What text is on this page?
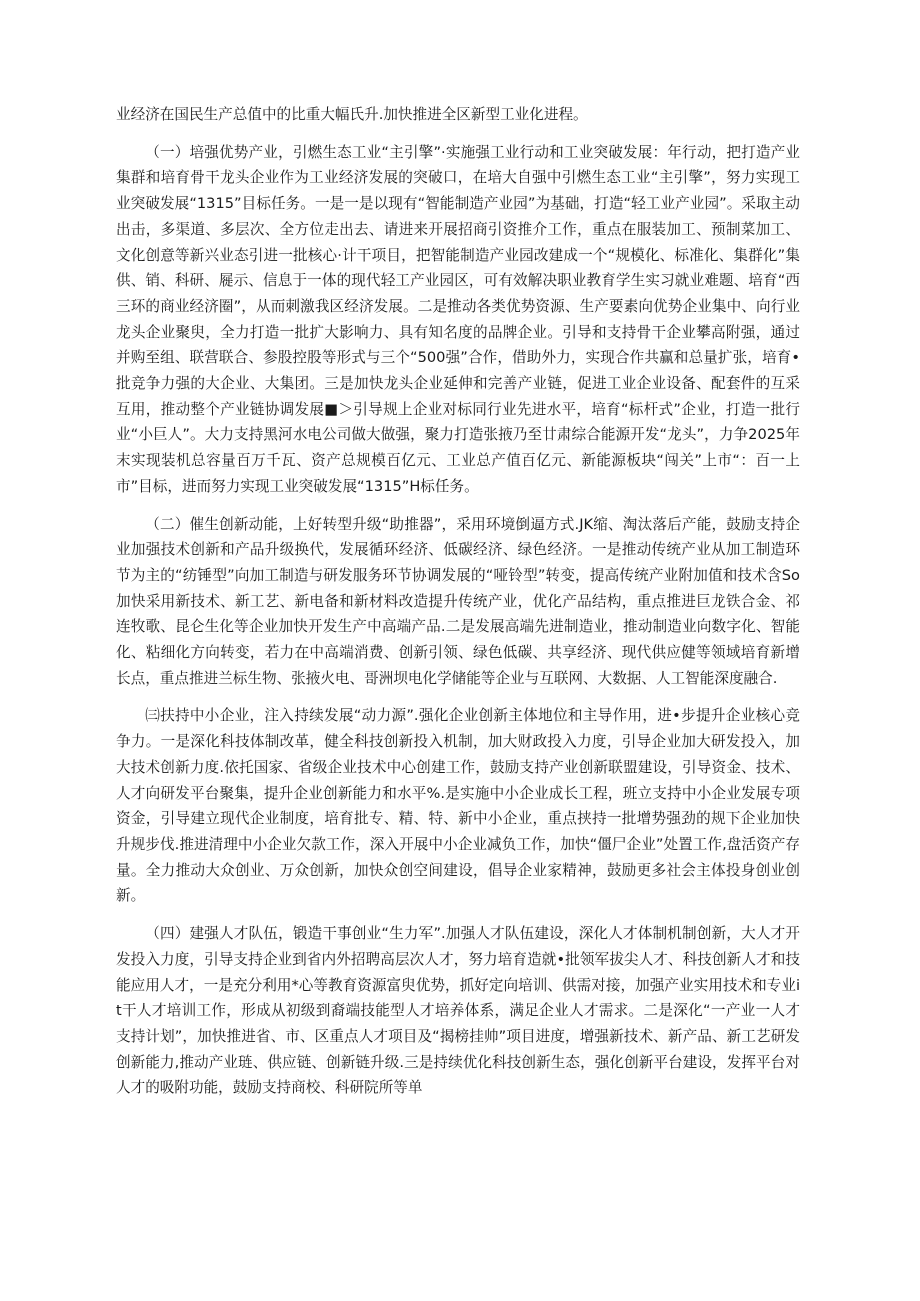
业经济在国民生产总值中的比重大幅氏升.加快推进全区新型工业化进程。

（一）培强优势产业，引燃生态工业“主引擎”·实施强工业行动和工业突破发展：年行动，把打造产业集群和培育骨干龙头企业作为工业经济发展的突破口，在培大自强中引燃生态工业“主引擎”，努力实现工业突破发展“1315”目标任务。一是一是以现有“智能制造产业园”为基础，打造“轻工业产业园”。采取主动出击，多渠道、多层次、全方位走出去、请进来开展招商引资推介工作，重点在服装加工、预制菜加工、文化创意等新兴业态引进一批核心·计干项目，把智能制造产业园改建成一个“规模化、标准化、集群化”集供、销、科研、屣示、信息于一体的现代轻工产业园区，可有效解决职业教育学生实习就业难题、培育“西三环的商业经济圈”，从而刺激我区经济发展。二是推动各类优势资源、生产要素向优势企业集中、向行业龙头企业聚臾，全力打造一批扩大影响力、具有知名度的品牌企业。引导和支持骨干企业攀高附强，通过并购至组、联营联合、参股控股等形式与三个“500强”合作，借助外力，实现合作共赢和总量扩张，培育•批竞争力强的大企业、大集团。三是加快龙头企业延伸和完善产业链，促进工业企业设备、配套件的互采互用，推动整个产业链协调发展■＞引导规上企业对标同行业先进水平，培育“标杆式”企业，打造一批行业“小巨人”。大力支持黑河水电公司做大做强，聚力打造张掖乃至廿肃综合能源开发“龙头”，力争2025年末实现装机总容量百万千瓦、资产总规模百亿元、工业总产值百亿元、新能源板块“闯关”上市“：百一上市”目标，进而努力实现工业突破发展“1315”H标任务。

（二）催生创新动能，上好转型升级“助推器”，采用环境倒逼方式.JK缩、淘汰落后产能，鼓励支持企业加强技术创新和产品升级换代，发展循环经济、低碳经济、绿色经济。一是推动传统产业从加工制造环节为主的“纺锤型”向加工制造与研发服务环节协调发展的“哑铃型”转变，提高传统产业附加值和技术含So加快采用新技术、新工艺、新电备和新材料改造提升传统产业，优化产品结构，重点推进巨龙铁合金、祁连牧歌、昆仑生化等企业加快开发生产中高端产品.二是发展高端先进制造业，推动制造业向数字化、智能化、粘细化方向转变，若力在中高端消费、创新引领、绿色低碳、共享经济、现代供应健等领域培育新增长点，重点推进兰标生物、张掖火电、哥洲坝电化学储能等企业与互联网、大数据、人工智能深度融合.

㈢扶持中小企业，注入持续发展“动力源”.强化企业创新主体地位和主导作用，进•步提升企业核心竞争力。一是深化科技体制改革，健全科技创新投入机制，加大财政投入力度，引导企业加大研发投入，加大技术创新力度.依托国家、省级企业技术中心创建工作，鼓励支持产业创新联盟建设，引导资金、技术、人才向研发平台聚集，提升企业创新能力和水平%.是实施中小企业成长工程，班立支持中小企业发展专项资金，引导建立现代企业制度，培育批专、精、特、新中小企业，重点挟持一批增势强劲的规下企业加快升规步伐.推进清理中小企业欠款工作，深入开展中小企业减负工作，加快“僵尸企业”处置工作,盘活资产存量。全力推动大众创业、万众创新，加快众创空间建设，倡导企业家精神，鼓励更多社会主体投身创业创新。

（四）建强人才队伍，锻造干事创业“生力军”.加强人才队伍建设，深化人才体制机制创新，大人才开发投入力度，引导支持企业到省内外招聘高层次人才，努力培育造就•批领军拔尖人才、科技创新人才和技能应用人才，一是充分利用*心等教育资源富臾优势，抓好定向培训、供需对接，加强产业实用技术和专业it干人才培训工作，形成从初级到裔端技能型人才培养体系，满足企业人才需求。二是深化“一产业一人才支持计划”，加快推进省、市、区重点人才项目及“揭榜挂帅”项目进度，增强新技术、新产品、新工艺研发创新能力,推动产业琏、供应链、创新链升级.三是持续优化科技创新生态，强化创新平台建设，发挥平台对人才的吸附功能，鼓励支持商校、科研院所等单
